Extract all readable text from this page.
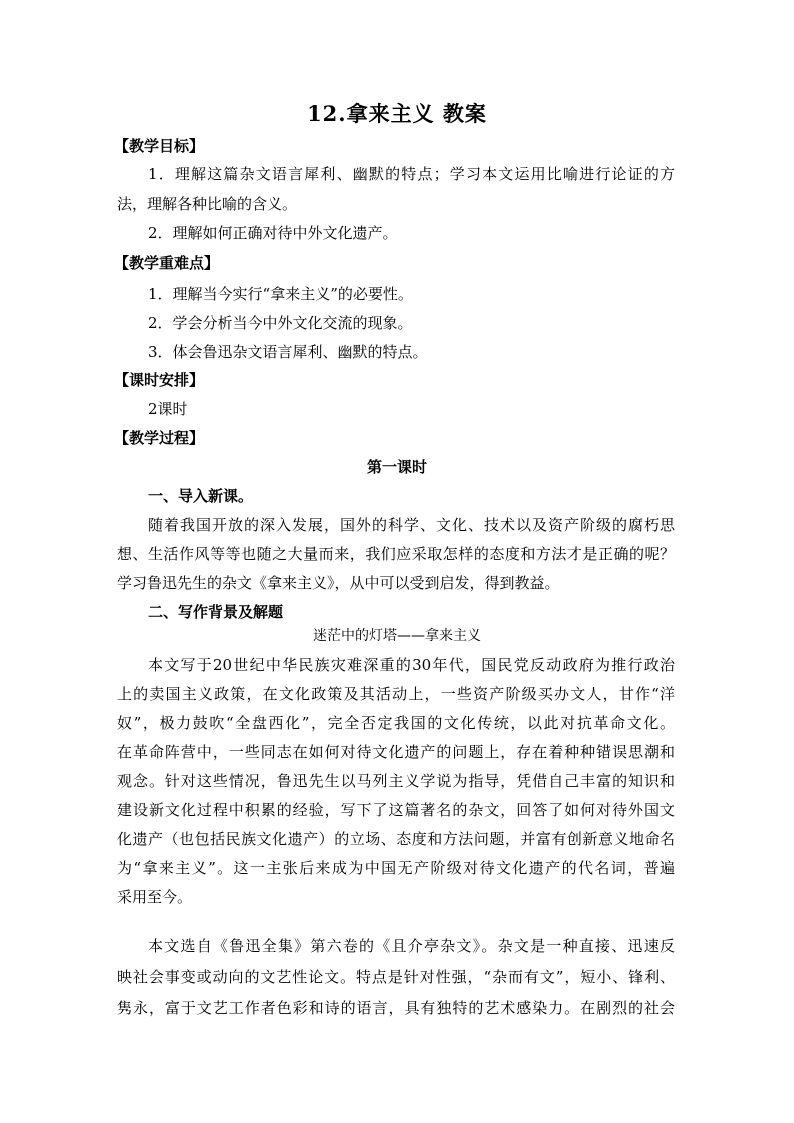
12.拿来主义 教案
【教学目标】
1．理解这篇杂文语言犀利、幽默的特点；学习本文运用比喻进行论证的方
法，理解各种比喻的含义。
2．理解如何正确对待中外文化遗产。
【教学重难点】
1．理解当今实行“拿来主义”的必要性。
2．学会分析当今中外文化交流的现象。
3．体会鲁迅杂文语言犀利、幽默的特点。
【课时安排】
2课时
【教学过程】
第一课时
一、导入新课。
随着我国开放的深入发展，国外的科学、文化、技术以及资产阶级的腐朽思
想、生活作风等等也随之大量而来，我们应采取怎样的态度和方法才是正确的呢？
学习鲁迅先生的杂文《拿来主义》，从中可以受到启发，得到教益。
二、写作背景及解题
迷茫中的灯塔——拿来主义
本文写于20世纪中华民族灾难深重的30年代，国民党反动政府为推行政治
上的卖国主义政策，在文化政策及其活动上，一些资产阶级买办文人，甘作“洋
奴”，极力鼓吹“全盘西化”，完全否定我国的文化传统，以此对抗革命文化。
在革命阵营中，一些同志在如何对待文化遗产的问题上，存在着种种错误思潮和
观念。针对这些情况，鲁迅先生以马列主义学说为指导，凭借自己丰富的知识和
建设新文化过程中积累的经验，写下了这篇著名的杂文，回答了如何对待外国文
化遗产（也包括民族文化遗产）的立场、态度和方法问题，并富有创新意义地命名
为“拿来主义”。这一主张后来成为中国无产阶级对待文化遗产的代名词，普遍
采用至今。
本文选自《鲁迅全集》第六卷的《且介亭杂文》。杂文是一种直接、迅速反
映社会事变或动向的文艺性论文。特点是针对性强，“杂而有文”，短小、锋利、
隽永，富于文艺工作者色彩和诗的语言，具有独特的艺术感染力。在剧烈的社会
